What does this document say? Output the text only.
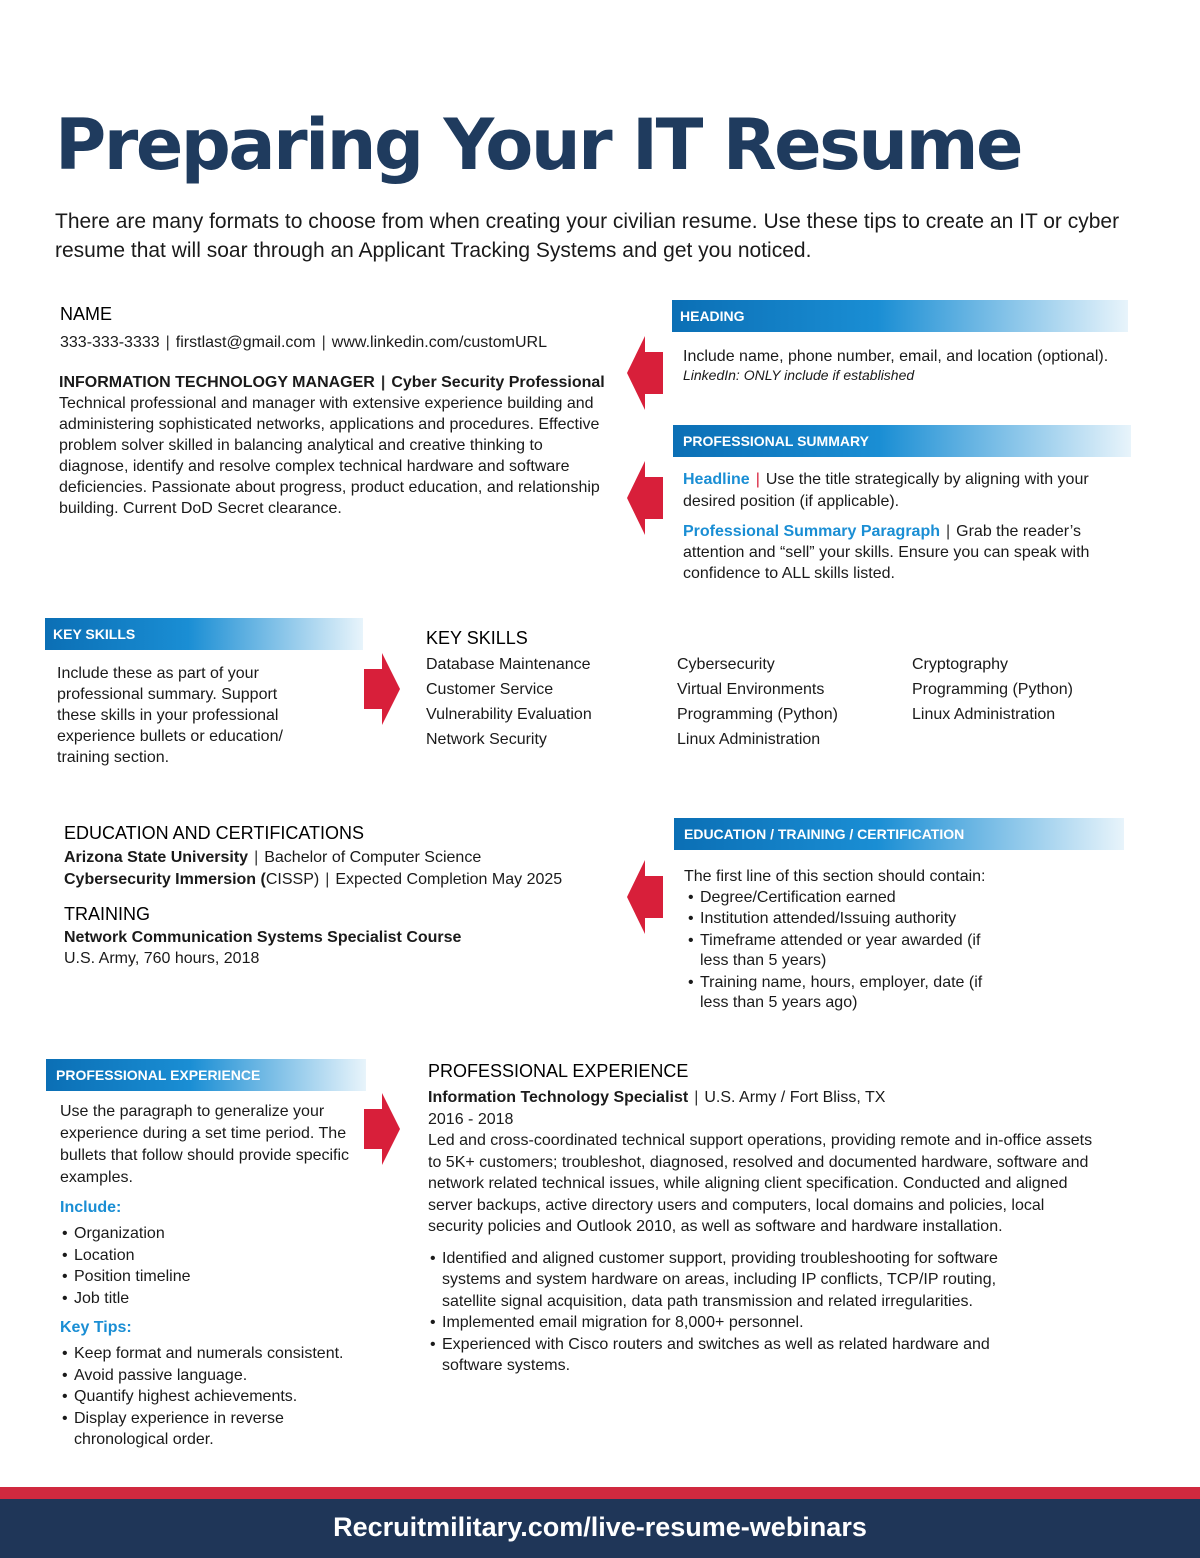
Preparing Your IT Resume

There are many formats to choose from when creating your civilian resume. Use these tips to create an IT or cyber resume that will soar through an Applicant Tracking Systems and get you noticed.

NAME
333-333-3333 | firstlast@gmail.com | www.linkedin.com/customURL
INFORMATION TECHNOLOGY MANAGER | Cyber Security Professional

Technical professional and manager with extensive experience building and administering sophisticated networks, applications and procedures. Effective problem solver skilled in balancing analytical and creative thinking to diagnose, identify and resolve complex technical hardware and software deficiencies. Passionate about progress, product education, and relationship building. Current DoD Secret clearance.

HEADING
Include name, phone number, email, and location (optional).
LinkedIn: ONLY include if established
PROFESSIONAL SUMMARY

Headline | Use the title strategically by aligning with your desired position (if applicable).

Professional Summary Paragraph | Grab the reader’s attention and “sell” your skills. Ensure you can speak with confidence to ALL skills listed.

KEY SKILLS

Include these as part of your professional summary. Support these skills in your professional experience bullets or education/ training section.

KEY SKILLS
Database Maintenance
Customer Service
Vulnerability Evaluation
Network Security
Cybersecurity
Virtual Environments
Programming (Python)
Linux Administration
Cryptography
Programming (Python)
Linux Administration
EDUCATION AND CERTIFICATIONS
Arizona State University | Bachelor of Computer Science
Cybersecurity Immersion (CISSP) | Expected Completion May 2025
TRAINING
Network Communication Systems Specialist Course
U.S. Army, 760 hours, 2018
EDUCATION / TRAINING / CERTIFICATION
The first line of this section should contain:
• Degree/Certification earned
• Institution attended/Issuing authority
• Timeframe attended or year awarded (if less than 5 years)
• Training name, hours, employer, date (if less than 5 years ago)
PROFESSIONAL EXPERIENCE

Use the paragraph to generalize your experience during a set time period. The bullets that follow should provide specific examples.

Include:
• Organization
• Location
• Position timeline
• Job title
Key Tips:
• Keep format and numerals consistent.
• Avoid passive language.
• Quantify highest achievements.
• Display experience in reverse chronological order.
PROFESSIONAL EXPERIENCE
Information Technology Specialist | U.S. Army / Fort Bliss, TX
2016 - 2018

Led and cross-coordinated technical support operations, providing remote and in-office assets to 5K+ customers; troubleshot, diagnosed, resolved and documented hardware, software and network related technical issues, while aligning client specification. Conducted and aligned server backups, active directory users and computers, local domains and policies, local security policies and Outlook 2010, as well as software and hardware installation.

• Identified and aligned customer support, providing troubleshooting for software systems and system hardware on areas, including IP conflicts, TCP/IP routing, satellite signal acquisition, data path transmission and related irregularities.
• Implemented email migration for 8,000+ personnel.
• Experienced with Cisco routers and switches as well as related hardware and software systems.
Recruitmilitary.com/live-resume-webinars
